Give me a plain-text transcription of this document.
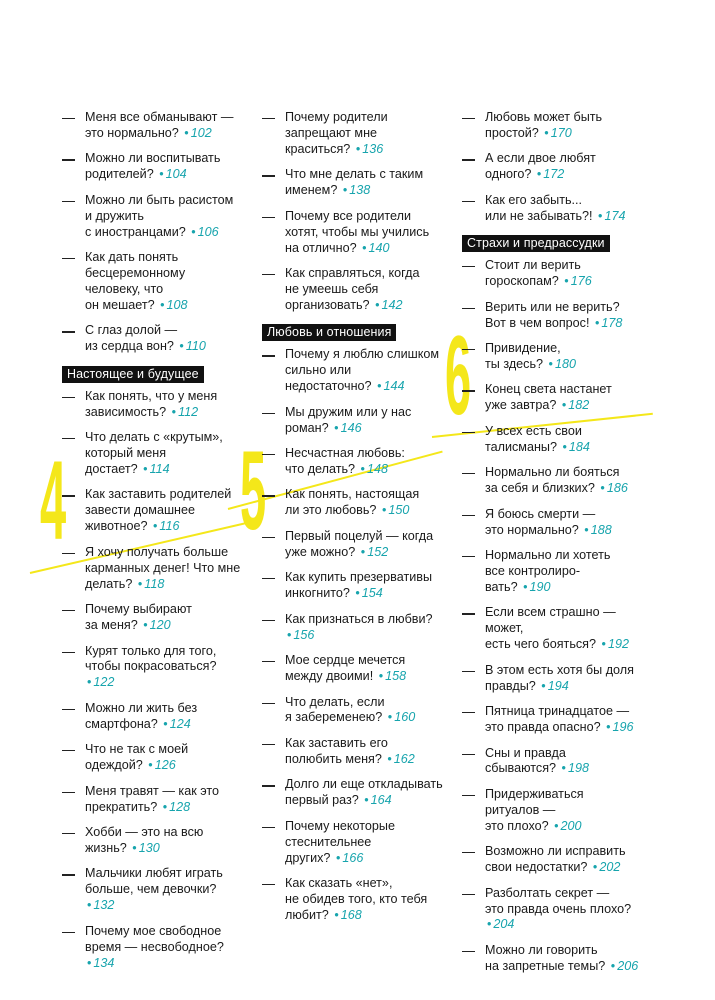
4 5
6
Меня все обманывают —
это нормально? • 102
Можно ли воспитывать
родителей? • 104
Можно ли быть расистом
и дружить
с иностранцами? • 106
Как дать понять
бесцеремонному
человеку, что
он мешает? • 108
С глаз долой —
из сердца вон? • 110
Настоящее и будущее
Как понять, что у меня
зависимость? • 112
Что делать с «крутым»,
который меня
достает? • 114
Как заставить родителей
завести домашнее
животное? • 116
Я хочу получать больше
карманных денег! Что мне
делать? • 118
Почему выбирают
за меня? • 120
Курят только для того,
чтобы покрасоваться?
• 122
Можно ли жить без
смартфона? • 124
Что не так с моей
одеждой? • 126
Меня травят — как это
прекратить? • 128
Хобби — это на всю
жизнь? • 130
Мальчики любят играть
больше, чем девочки?
• 132
Почему мое свободное
время — несвободное?
• 134
Почему родители
запрещают мне
краситься? • 136
Что мне делать с таким
именем? • 138
Почему все родители
хотят, чтобы мы учились
на отлично? • 140
Как справляться, когда
не умеешь себя
организовать? • 142
Любовь и отношения
Почему я люблю слишком
сильно или
недостаточно? • 144
Мы дружим или у нас
роман? • 146
Несчастная любовь:
что делать? • 148
Как понять, настоящая
ли это любовь? • 150
Первый поцелуй — когда
уже можно? • 152
Как купить презервативы
инкогнито? • 154
Как признаться в любви?
• 156
Мое сердце мечется
между двоими! • 158
Что делать, если
я забеременею? • 160
Как заставить его
полюбить меня? • 162
Долго ли еще откладывать
первый раз? • 164
Почему некоторые
стеснительнее
других? • 166
Как сказать «нет»,
не обидев того, кто тебя
любит? • 168
Любовь может быть
простой? • 170
А если двое любят
одного? • 172
Как его забыть...
или не забывать?! • 174
Страхи и предрассудки
Стоит ли верить
гороскопам? • 176
Верить или не верить?
Вот в чем вопрос! • 178
Привидение,
ты здесь? • 180
Конец света настанет
уже завтра? • 182
У всех есть свои
талисманы? • 184
Нормально ли бояться
за себя и близких? • 186
Я боюсь смерти —
это нормально? • 188
Нормально ли хотеть
все контролиро-
вать? • 190
Если всем страшно — может,
есть чего бояться? • 192
В этом есть хотя бы доля
правды? • 194
Пятница тринадцатое —
это правда опасно? • 196
Сны и правда
сбываются? • 198
Придерживаться
ритуалов —
это плохо? • 200
Возможно ли исправить
свои недостатки? • 202
Разболтать секрет —
это правда очень плохо?
• 204
Можно ли говорить
на запретные темы? • 206
